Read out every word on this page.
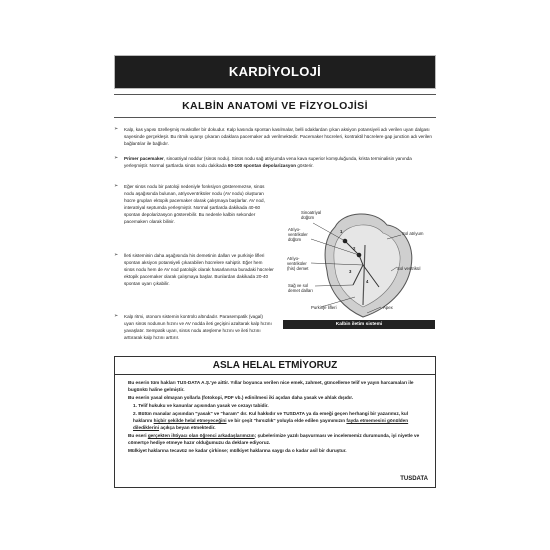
KARDİYOLOJİ
KALBİN ANATOMİ VE FİZYOLOJİSİ
➢ Kalp, kas yapısı özelleşmiş musküller bir dokudur. Kalp kasında spontan kasılmalar, belli odaklardan çıkan aksiyon potansiyeli adı verilen uyarı dalgası sayesinde gerçekleşir. Bu ritmik uyarıyı çıkaran odaklara pacemaker adı verilmektedir. Pacemaker hücreleri, kontraktil hücrelere gap junction adı verilen bağlantılar ile bağlıdır.
➢ Primer pacemaker, sinoatriyal noddur (sinüs nodu). Sinüs nodu sağ atriyumda vena kava superior komşuluğunda, krista terminalisin yanında yerleşmiştir. Normal şartlarda sinüs nodu dakikada 60-100 spontan depolarizasyon gösterir.
➢ Eğer sinüs nodu bir patoloji nedeniyle fonksiyon gösteremezse, sinüs nodu aşağısında bulunan, atriyoventriküler nodu (AV nodu) oluşturan hücre grupları ektopik pacemaker olarak çalışmaya başlarlar. AV nod, interatriyal septumda yerleşmiştir. Normal şartlarda dakikada 40-60 spontan depolarizasyon gösterebilir. Bu nedenle kalbin sekonder pacemakerı olarak bilinir.
➢ İleti sisteminin daha aşağısında his demetinin dalları ve purkinje lifleri spontan aksiyon potansiyeli çıkarabilen hücrelere sahiptir. Eğer hem sinüs nodu hem de AV nod patolojik olarak hasarlanırsa buradaki hücreler ektopik pacemaker olarak çalışmaya başlar. Bunlardan dakikada 20-40 spontan uyarı çıkabilir.
➢ Kalp ritmi, otonom sistemin kontrolü altındadır. Parasempatik (vagal) uyarı sinüs nodunun hızını ve AV nodda ileti geçişini azaltarak kalp hızını yavaşlatır. Sempatik uyarı, sinüs nodu ateşleme hızını ve ileti hızını arttırarak kalp hızını arttırır.
Sinoatriyal düğüm
Atriyo-ventriküler düğüm
Atriyo-ventriküler (his) demet
Sağ ve sol demet dalları
Purkinje lifleri
Sol atriyum
Sol ventrikül
Apex
1
2
3
4
Kalbin iletim sistemi
ASLA HELAL ETMİYORUZ

Bu eserin tüm hakları TUS-DATA A.Ş.'ye aittir. Yıllar boyunca verilen nice emek, zahmet, güncelleme telif ve yayın harcamaları ile bugünkü haline gelmiştir.

Bu eserin yasal olmayan yollarla (fotokopi, PDF vb.) edinilmesi iki açıdan daha yasak ve ahlak dışıdır.

1. Telif hukuku ve kanunlar açısından yasak ve cezayı tabidir.

2. Bütün manalar açısından "yasak" ve "haram" dır. Kul hakkıdır ve TUSDATA ya da emeği geçen herhangi bir yazarımız, kul haklarını hiçbir şekilde helal etmeyeceğini ve bir çeşit "hırsızlık" yoluyla elde edilen yayınımızın fayda etmemesini gönülden dilediklerini açıkça beyan etmektedir.

Bu eseri gerçekten ihtiyacı olan öğrenci arkadaşlarımızın; şubelerimize yazılı başvurması ve incelememiz durumunda, iyi niyetle ve cömertçe hediye etmeye hazır olduğumuzu da deklare ediyoruz.

Mülkiyet haklarına tecavüz ne kadar çirkinse; mülkiyet haklarına saygı da o kadar asil bir duruştur.

TUSDATA
